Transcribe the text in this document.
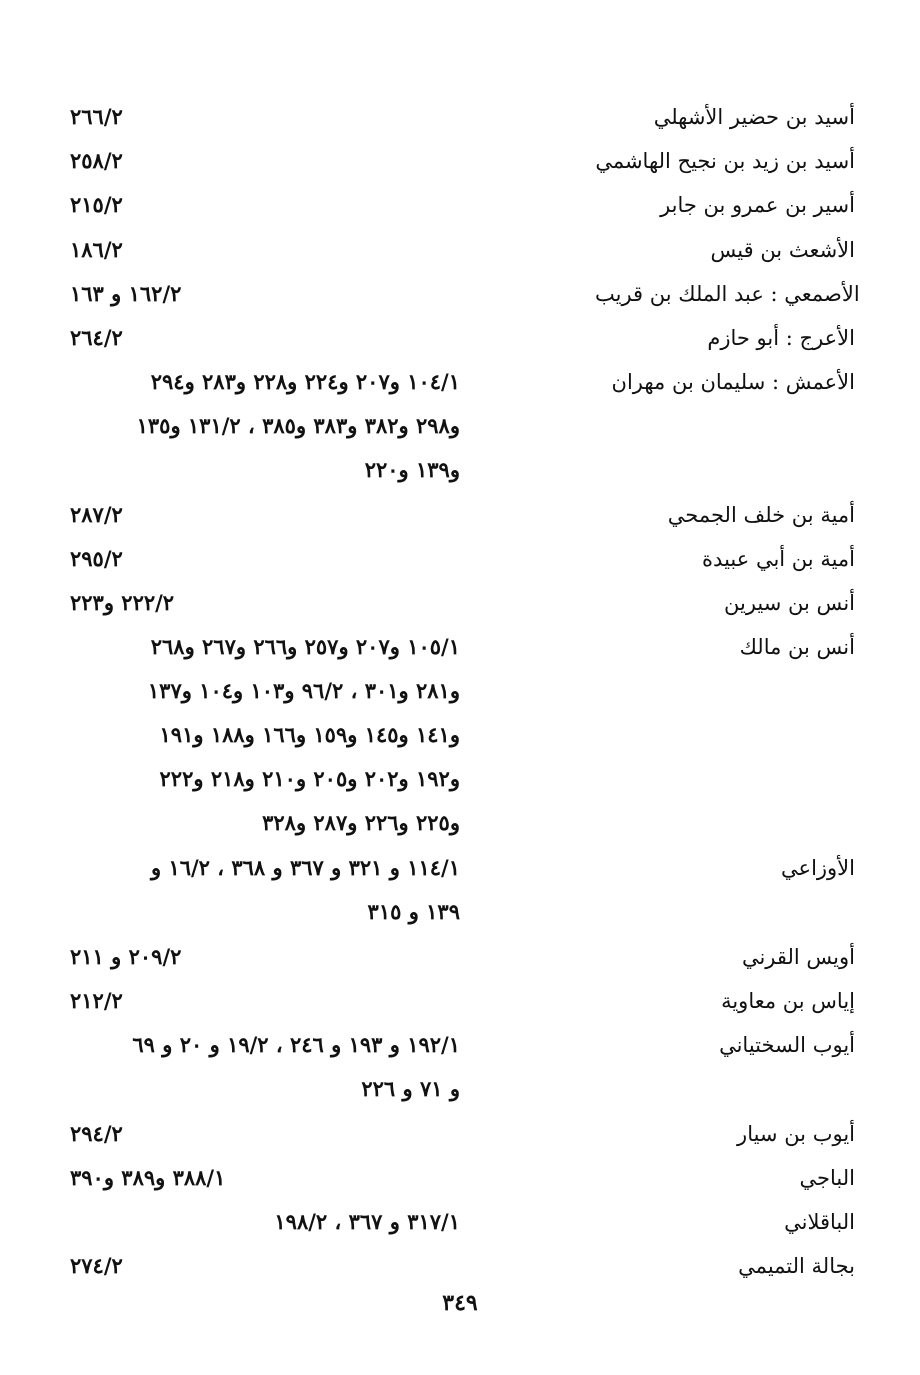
أسيد بن حضير الأشهلي
٢٦٦/٢
أسيد بن زيد بن نجيح الهاشمي
٢٥٨/٢
أسير بن عمرو بن جابر
٢١٥/٢
الأشعث بن قيس
١٨٦/٢
الأصمعي : عبد الملك بن قريب
١٦٢/٢ و ١٦٣
الأعرج : أبو حازم
٢٦٤/٢
الأعمش : سليمان بن مهران
١٠٤/١ و٢٠٧ و٢٢٤ و٢٢٨ و٢٨٣ و٢٩٤
و٢٩٨ و٣٨٢ و٣٨٣ و٣٨٥ ، ١٣١/٢ و١٣٥
و١٣٩ و٢٢٠
أمية بن خلف الجمحي
٢٨٧/٢
أمية بن أبي عبيدة
٢٩٥/٢
أنس بن سيرين
٢٢٢/٢ و٢٢٣
أنس بن مالك
١٠٥/١ و٢٠٧ و٢٥٧ و٢٦٦ و٢٦٧ و٢٦٨
و٢٨١ و٣٠١ ، ٩٦/٢ و١٠٣ و١٠٤ و١٣٧
و١٤١ و١٤٥ و١٥٩ و١٦٦ و١٨٨ و١٩١
و١٩٢ و٢٠٢ و٢٠٥ و٢١٠ و٢١٨ و٢٢٢
و٢٢٥ و٢٢٦ و٢٨٧ و٣٢٨
الأوزاعي
١١٤/١ و ٣٢١ و ٣٦٧ و ٣٦٨ ، ١٦/٢ و
١٣٩ و ٣١٥
أويس القرني
٢٠٩/٢ و ٢١١
إياس بن معاوية
٢١٢/٢
أيوب السختياني
١٩٢/١ و ١٩٣ و ٢٤٦ ، ١٩/٢ و ٢٠ و ٦٩
و ٧١ و ٢٢٦
أيوب بن سيار
٢٩٤/٢
الباجي
٣٨٨/١ و٣٨٩ و٣٩٠
الباقلاني
٣١٧/١ و ٣٦٧ ، ١٩٨/٢
بجالة التميمي
٢٧٤/٢
٣٤٩
